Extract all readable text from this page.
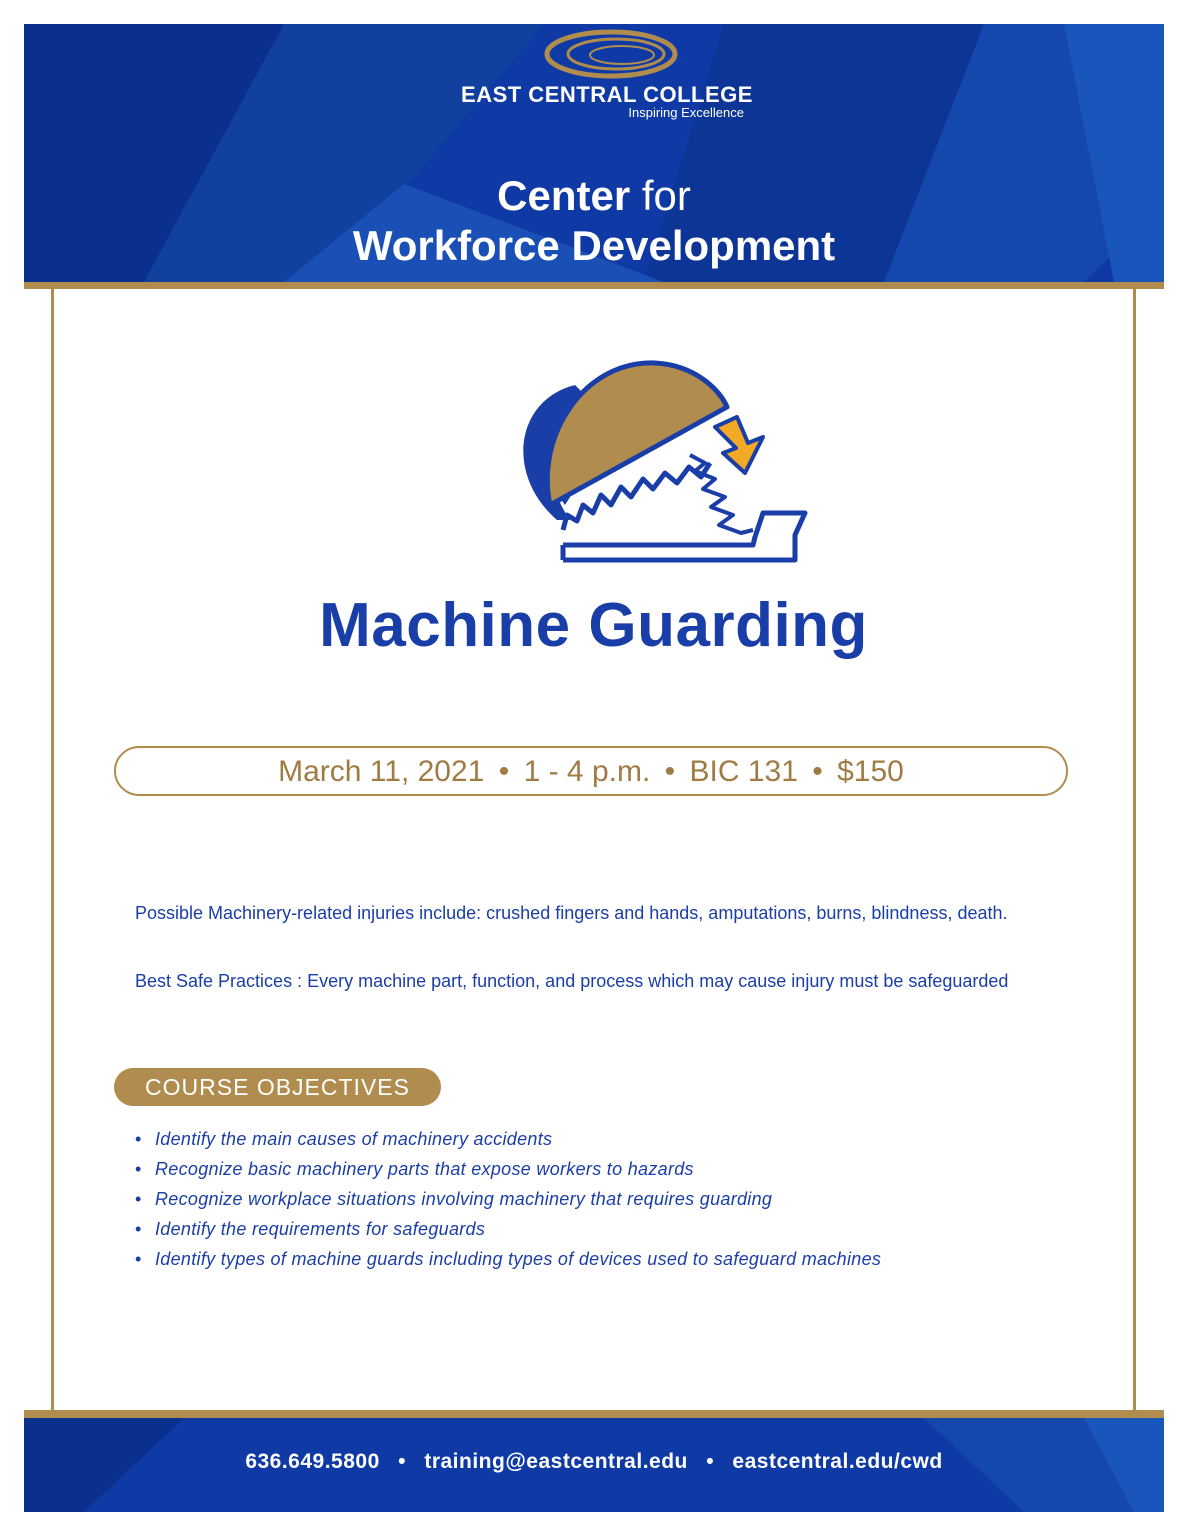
EAST CENTRAL COLLEGE
Inspiring Excellence
Center for
Workforce Development
Machine Guarding
March 11, 2021 • 1 - 4 p.m. • BIC 131 • $150
Possible Machinery-related injuries include: crushed fingers and hands, amputations, burns, blindness, death.
Best Safe Practices : Every machine part, function, and process which may cause injury must be safeguarded
COURSE OBJECTIVES
• Identify the main causes of machinery accidents
• Recognize basic machinery parts that expose workers to hazards
• Recognize workplace situations involving machinery that requires guarding
• Identify the requirements for safeguards
• Identify types of machine guards including types of devices used to safeguard machines
636.649.5800 • training@eastcentral.edu • eastcentral.edu/cwd
